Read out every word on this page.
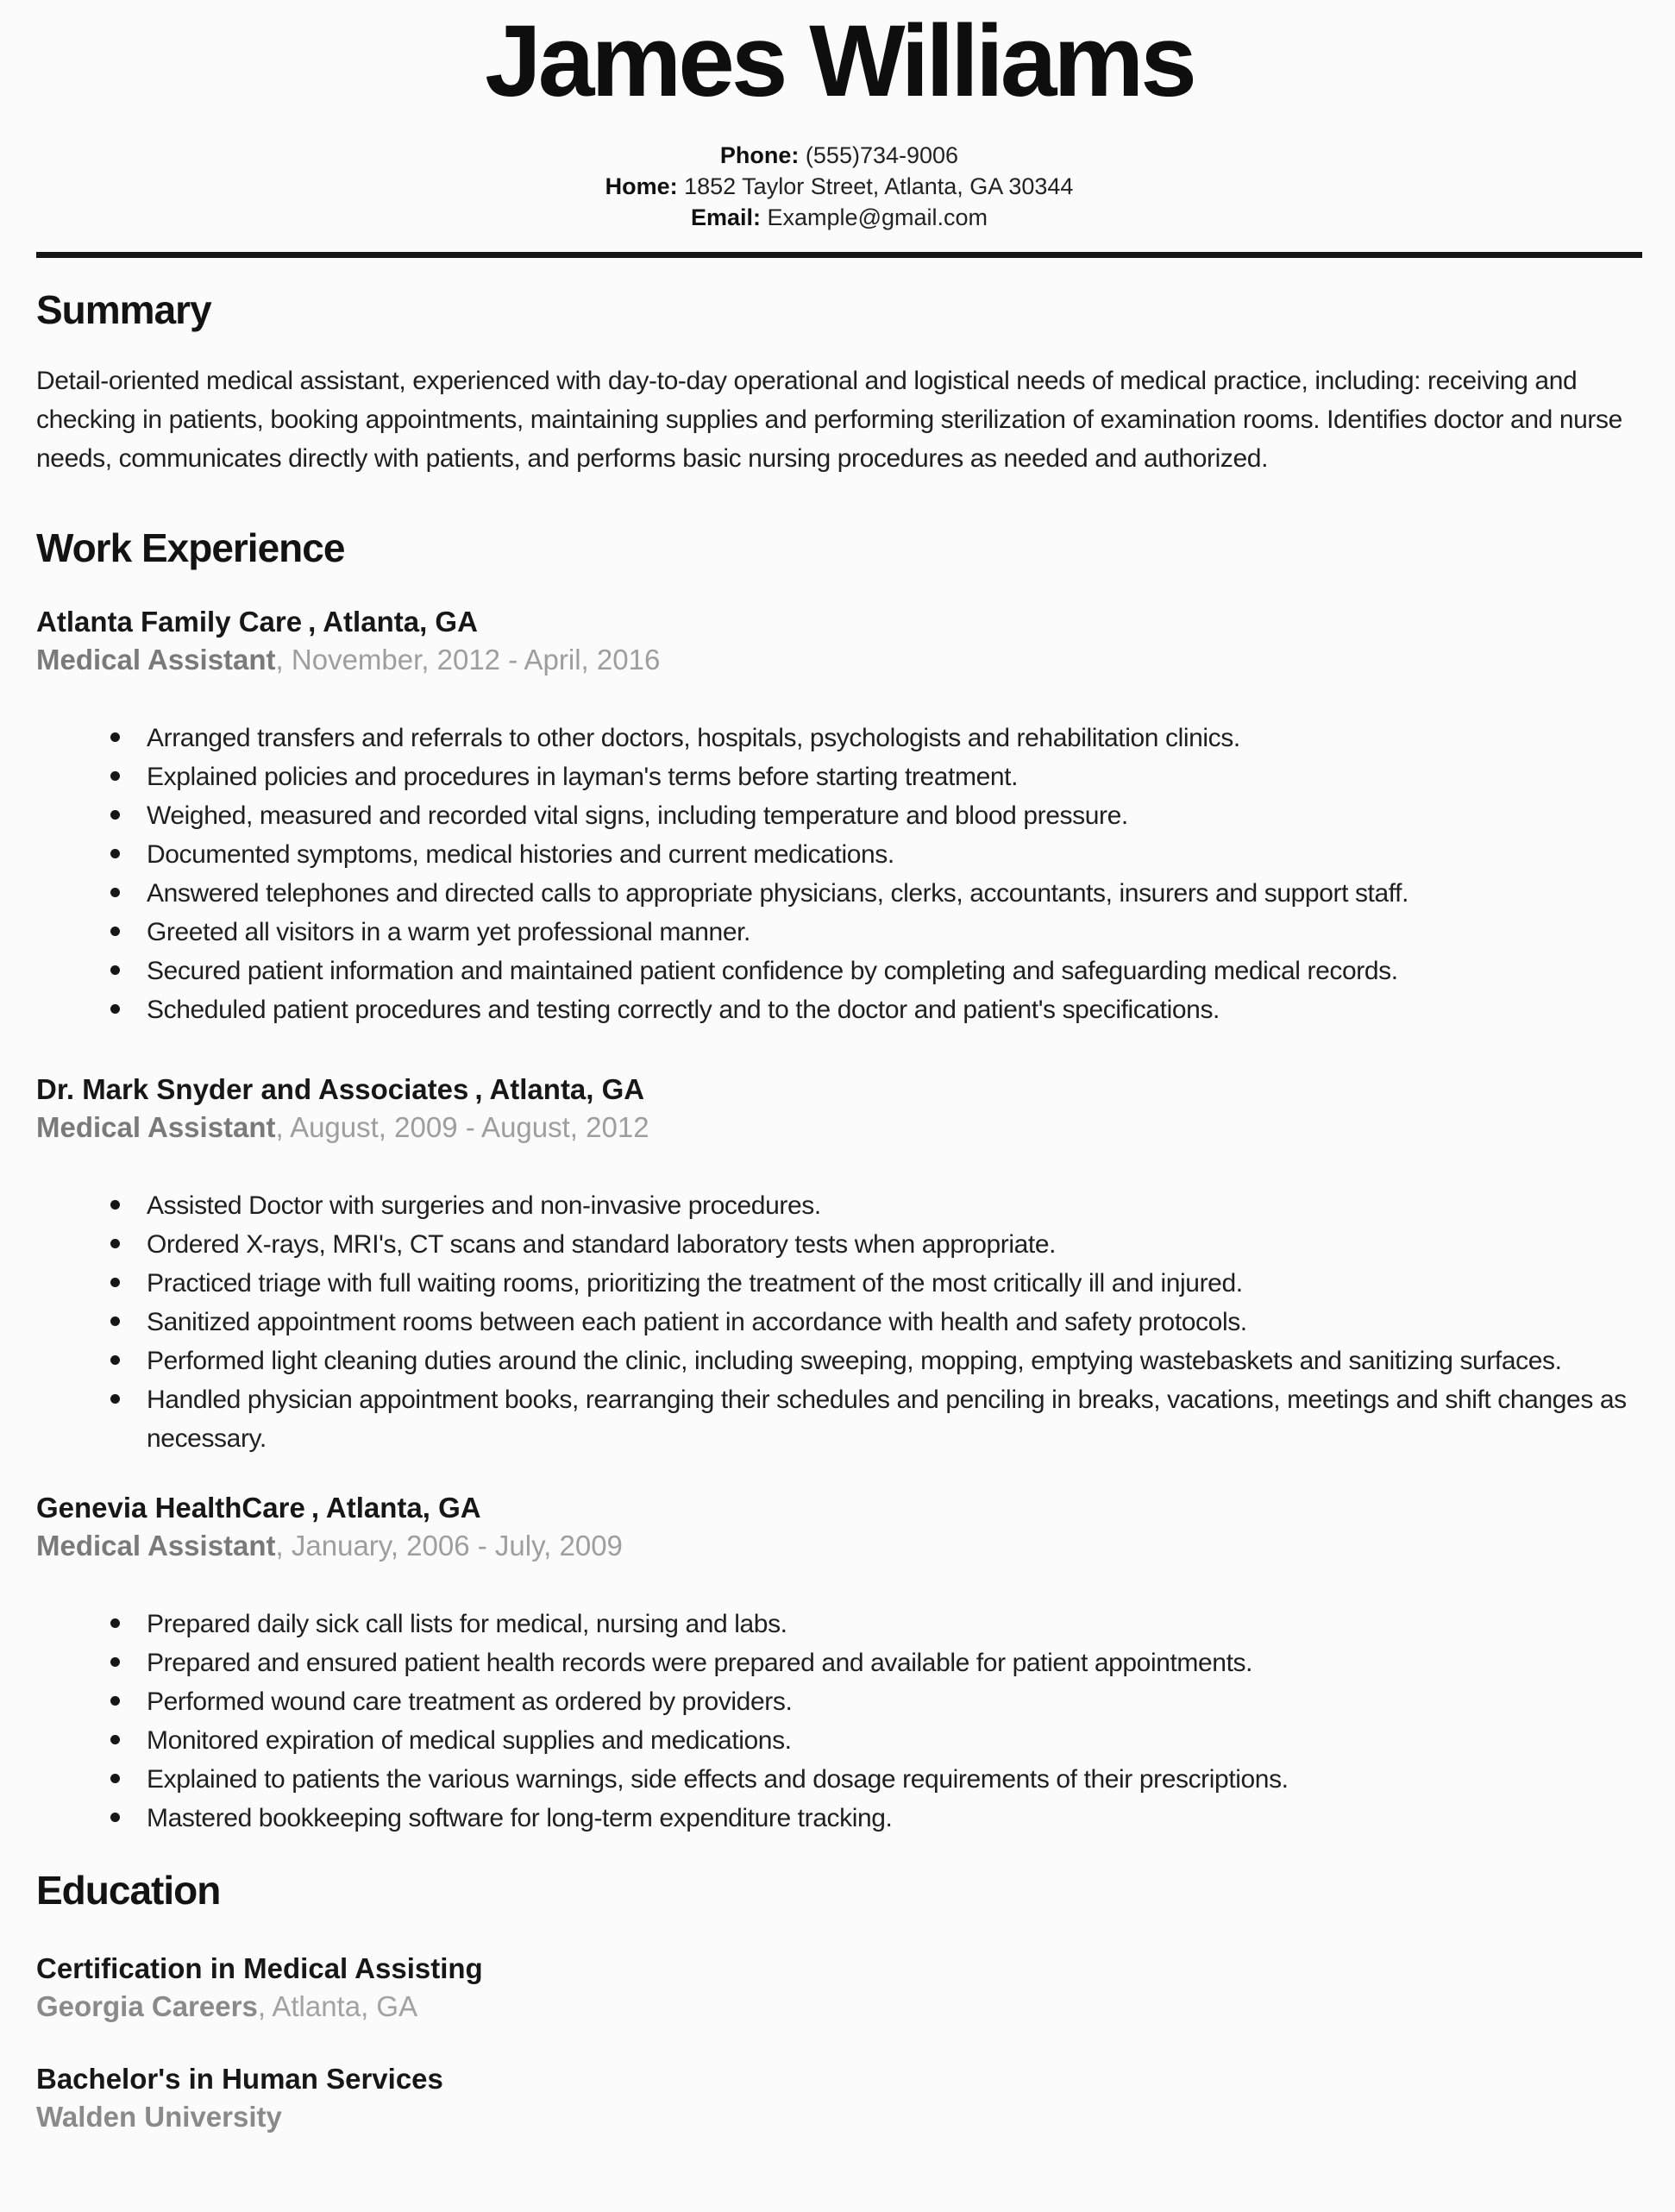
James Williams
Phone: (555)734-9006
Home: 1852 Taylor Street, Atlanta, GA 30344
Email: Example@gmail.com
Summary

Detail-oriented medical assistant, experienced with day-to-day operational and logistical needs of medical practice, including: receiving and checking in patients, booking appointments, maintaining supplies and performing sterilization of examination rooms. Identifies doctor and nurse needs, communicates directly with patients, and performs basic nursing procedures as needed and authorized.

Work Experience
Atlanta Family Care , Atlanta, GA
Medical Assistant, November, 2012 - April, 2016
Arranged transfers and referrals to other doctors, hospitals, psychologists and rehabilitation clinics.
Explained policies and procedures in layman's terms before starting treatment.
Weighed, measured and recorded vital signs, including temperature and blood pressure.
Documented symptoms, medical histories and current medications.
Answered telephones and directed calls to appropriate physicians, clerks, accountants, insurers and support staff.
Greeted all visitors in a warm yet professional manner.
Secured patient information and maintained patient confidence by completing and safeguarding medical records.
Scheduled patient procedures and testing correctly and to the doctor and patient's specifications.
Dr. Mark Snyder and Associates , Atlanta, GA
Medical Assistant, August, 2009 - August, 2012
Assisted Doctor with surgeries and non-invasive procedures.
Ordered X-rays, MRI's, CT scans and standard laboratory tests when appropriate.
Practiced triage with full waiting rooms, prioritizing the treatment of the most critically ill and injured.
Sanitized appointment rooms between each patient in accordance with health and safety protocols.
Performed light cleaning duties around the clinic, including sweeping, mopping, emptying wastebaskets and sanitizing surfaces.
Handled physician appointment books, rearranging their schedules and penciling in breaks, vacations, meetings and shift changes as necessary.
Genevia HealthCare , Atlanta, GA
Medical Assistant, January, 2006 - July, 2009
Prepared daily sick call lists for medical, nursing and labs.
Prepared and ensured patient health records were prepared and available for patient appointments.
Performed wound care treatment as ordered by providers.
Monitored expiration of medical supplies and medications.
Explained to patients the various warnings, side effects and dosage requirements of their prescriptions.
Mastered bookkeeping software for long-term expenditure tracking.
Education
Certification in Medical Assisting
Georgia Careers, Atlanta, GA
Bachelor's in Human Services
Walden University
